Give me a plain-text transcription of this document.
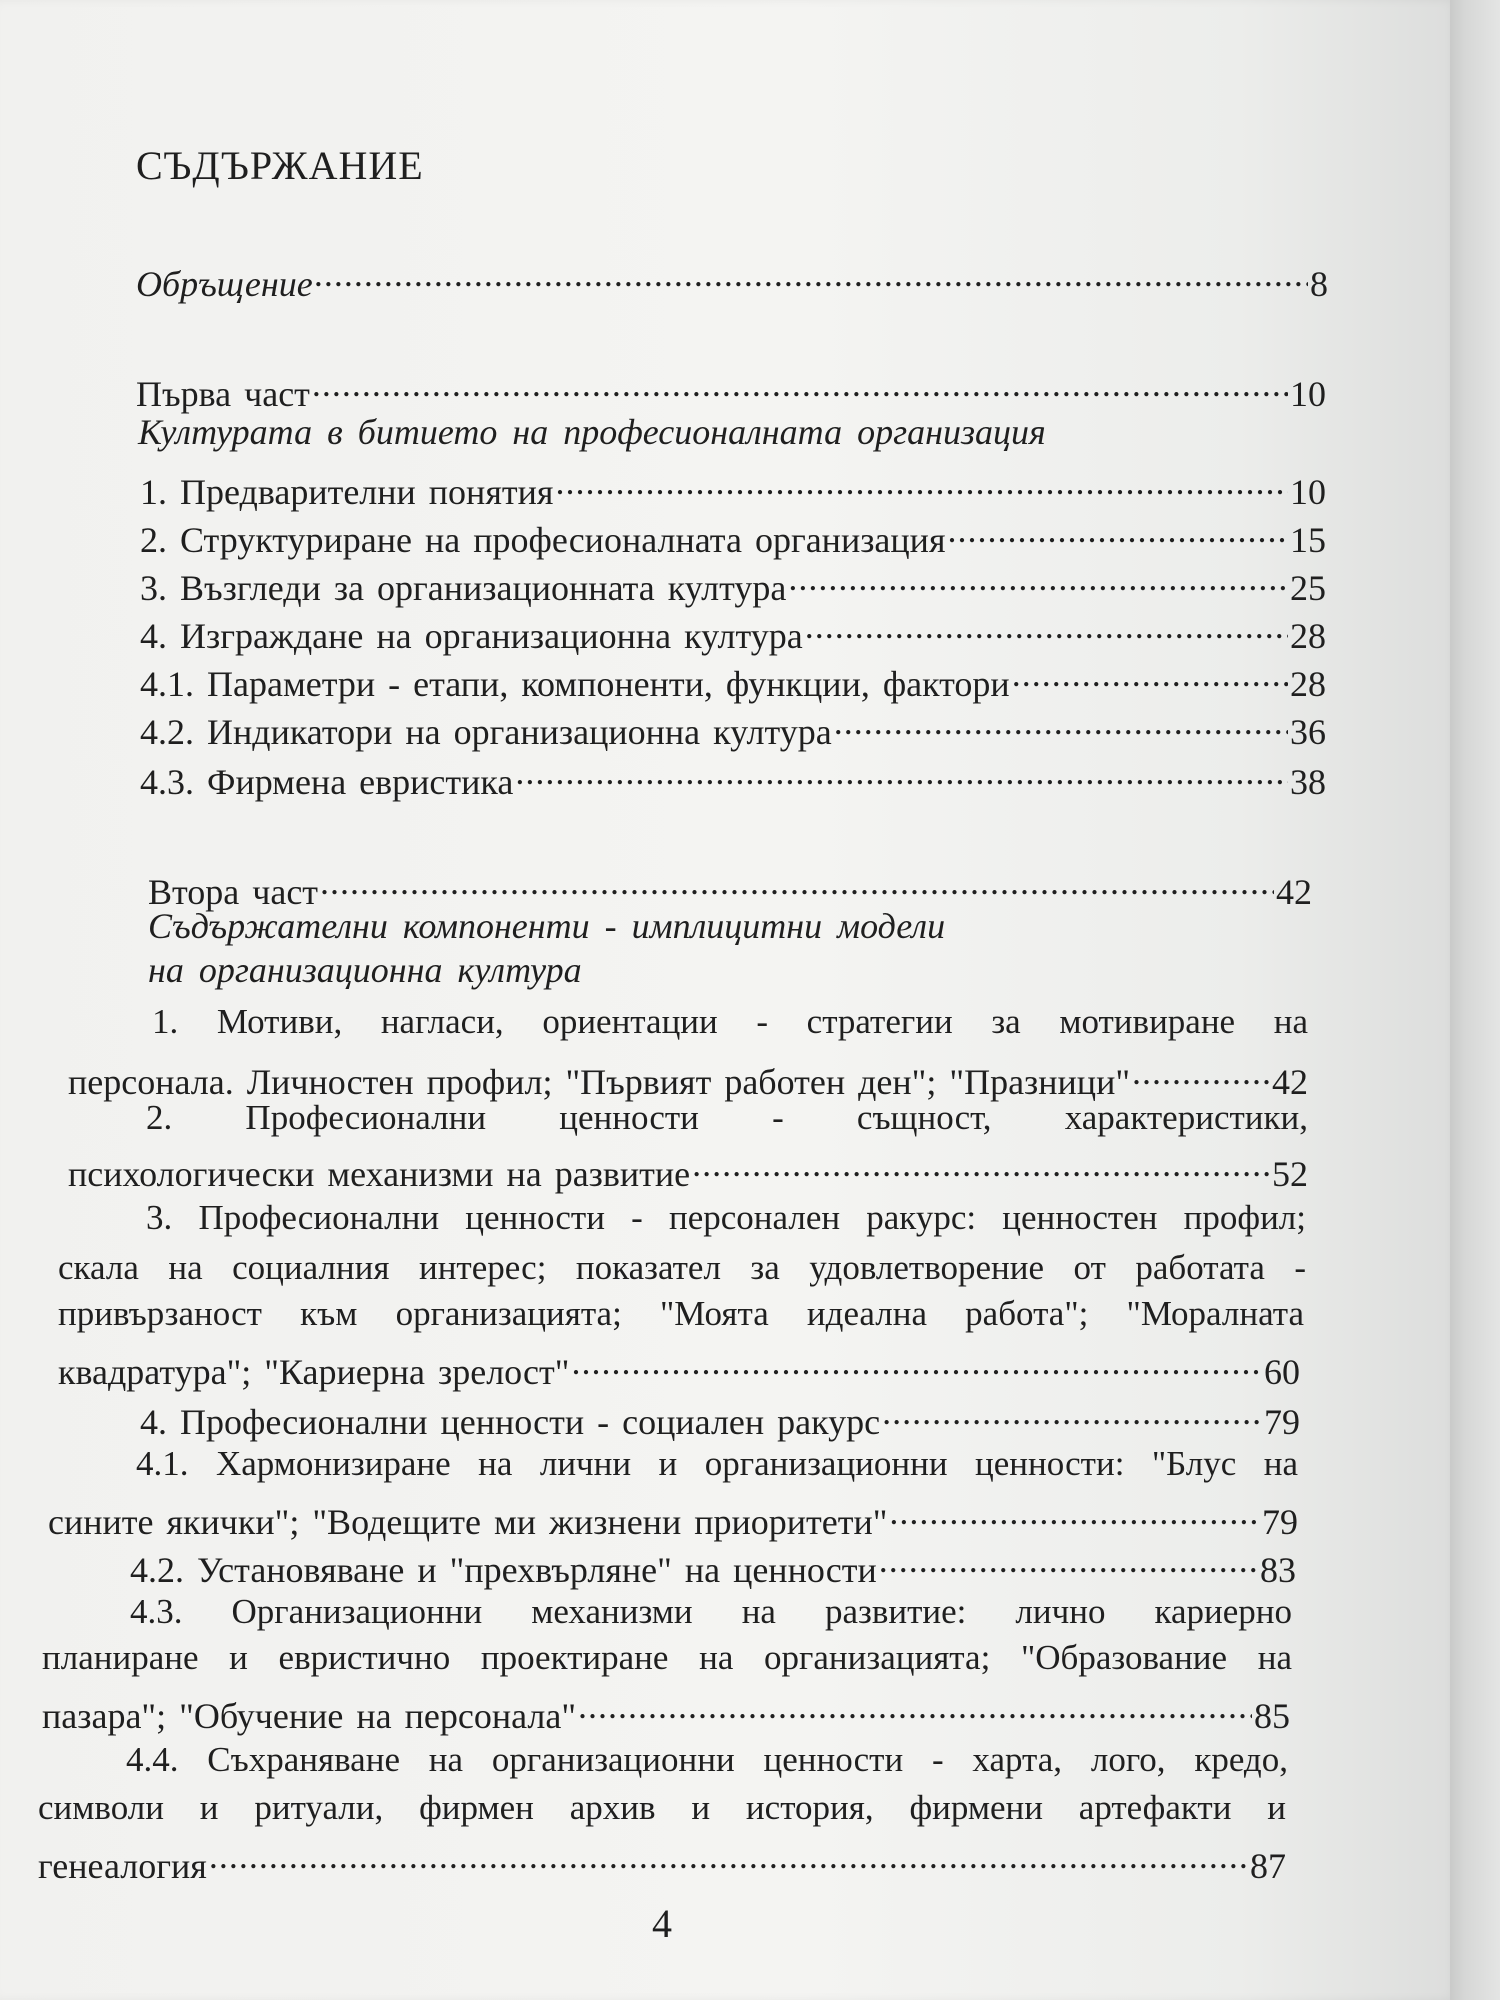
СЪДЪРЖАНИЕ
Обръщение .....	8
Първа част .....	10
Културата в битието на професионалната организация
1. Предварителни понятия .....	10
2. Структуриране на професионалната организация .....	15
3. Възгледи за организационната култура .....	25
4. Изграждане на организационна култура .....	28
4.1. Параметри - етапи, компоненти, функции, фактори .....	28
4.2. Индикатори на организационна култура .....	36
4.3. Фирмена евристика .....	38
Втора част .....	42
Съдържателни компоненти - имплицитни модели
на организационна култура
1. Мотиви, нагласи, ориентации - стратегии за мотивиране на
персонала. Личностен профил; "Първият работен ден"; "Празници" .....	42
2. Професионални ценности - същност, характеристики,
психологически механизми на развитие .....	52
3. Професионални ценности - персонален ракурс: ценностен профил;
скала на социалния интерес; показател за удовлетворение от работата -
привързаност към организацията; "Моята идеална работа"; "Моралната
квадратура"; "Кариерна зрелост" .....	60
4. Професионални ценности - социален ракурс .....	79
4.1. Хармонизиране на лични и организационни ценности: "Блус на
сините якички"; "Водещите ми жизнени приоритети" .....	79
4.2. Установяване и "прехвърляне" на ценности .....	83
4.3. Организационни механизми на развитие: лично кариерно
планиране и евристично проектиране на организацията; "Образование на
пазара"; "Обучение на персонала" .....	85
4.4. Съхраняване на организационни ценности - харта, лого, кредо,
символи и ритуали, фирмен архив и история, фирмени артефакти и
генеалогия .....	87
4
